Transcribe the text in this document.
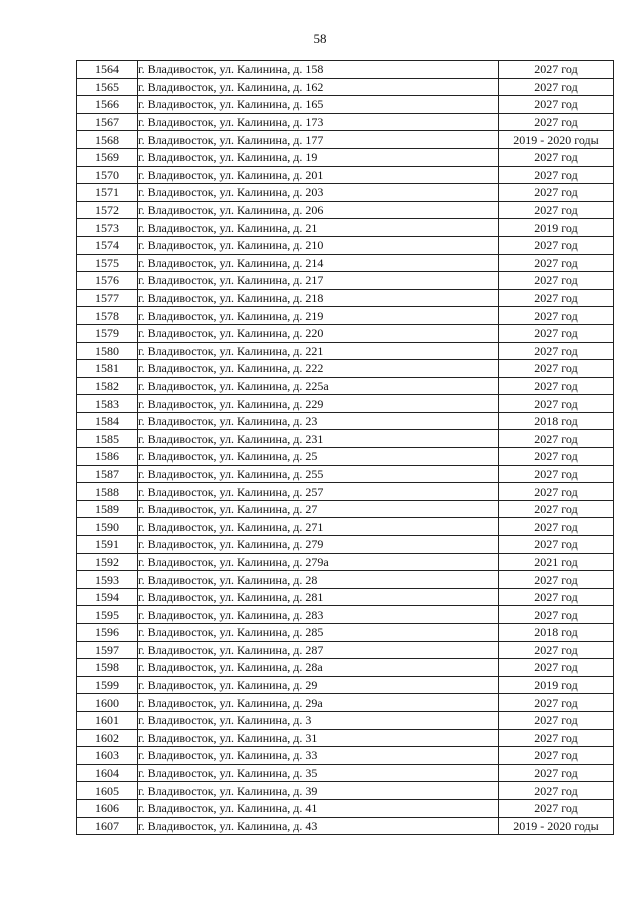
58
1564	г. Владивосток, ул. Калинина, д. 158	2027 год
1565	г. Владивосток, ул. Калинина, д. 162	2027 год
1566	г. Владивосток, ул. Калинина, д. 165	2027 год
1567	г. Владивосток, ул. Калинина, д. 173	2027 год
1568	г. Владивосток, ул. Калинина, д. 177	2019 - 2020 годы
1569	г. Владивосток, ул. Калинина, д. 19	2027 год
1570	г. Владивосток, ул. Калинина, д. 201	2027 год
1571	г. Владивосток, ул. Калинина, д. 203	2027 год
1572	г. Владивосток, ул. Калинина, д. 206	2027 год
1573	г. Владивосток, ул. Калинина, д. 21	2019 год
1574	г. Владивосток, ул. Калинина, д. 210	2027 год
1575	г. Владивосток, ул. Калинина, д. 214	2027 год
1576	г. Владивосток, ул. Калинина, д. 217	2027 год
1577	г. Владивосток, ул. Калинина, д. 218	2027 год
1578	г. Владивосток, ул. Калинина, д. 219	2027 год
1579	г. Владивосток, ул. Калинина, д. 220	2027 год
1580	г. Владивосток, ул. Калинина, д. 221	2027 год
1581	г. Владивосток, ул. Калинина, д. 222	2027 год
1582	г. Владивосток, ул. Калинина, д. 225а	2027 год
1583	г. Владивосток, ул. Калинина, д. 229	2027 год
1584	г. Владивосток, ул. Калинина, д. 23	2018 год
1585	г. Владивосток, ул. Калинина, д. 231	2027 год
1586	г. Владивосток, ул. Калинина, д. 25	2027 год
1587	г. Владивосток, ул. Калинина, д. 255	2027 год
1588	г. Владивосток, ул. Калинина, д. 257	2027 год
1589	г. Владивосток, ул. Калинина, д. 27	2027 год
1590	г. Владивосток, ул. Калинина, д. 271	2027 год
1591	г. Владивосток, ул. Калинина, д. 279	2027 год
1592	г. Владивосток, ул. Калинина, д. 279а	2021 год
1593	г. Владивосток, ул. Калинина, д. 28	2027 год
1594	г. Владивосток, ул. Калинина, д. 281	2027 год
1595	г. Владивосток, ул. Калинина, д. 283	2027 год
1596	г. Владивосток, ул. Калинина, д. 285	2018 год
1597	г. Владивосток, ул. Калинина, д. 287	2027 год
1598	г. Владивосток, ул. Калинина, д. 28а	2027 год
1599	г. Владивосток, ул. Калинина, д. 29	2019 год
1600	г. Владивосток, ул. Калинина, д. 29а	2027 год
1601	г. Владивосток, ул. Калинина, д. 3	2027 год
1602	г. Владивосток, ул. Калинина, д. 31	2027 год
1603	г. Владивосток, ул. Калинина, д. 33	2027 год
1604	г. Владивосток, ул. Калинина, д. 35	2027 год
1605	г. Владивосток, ул. Калинина, д. 39	2027 год
1606	г. Владивосток, ул. Калинина, д. 41	2027 год
1607	г. Владивосток, ул. Калинина, д. 43	2019 - 2020 годы
